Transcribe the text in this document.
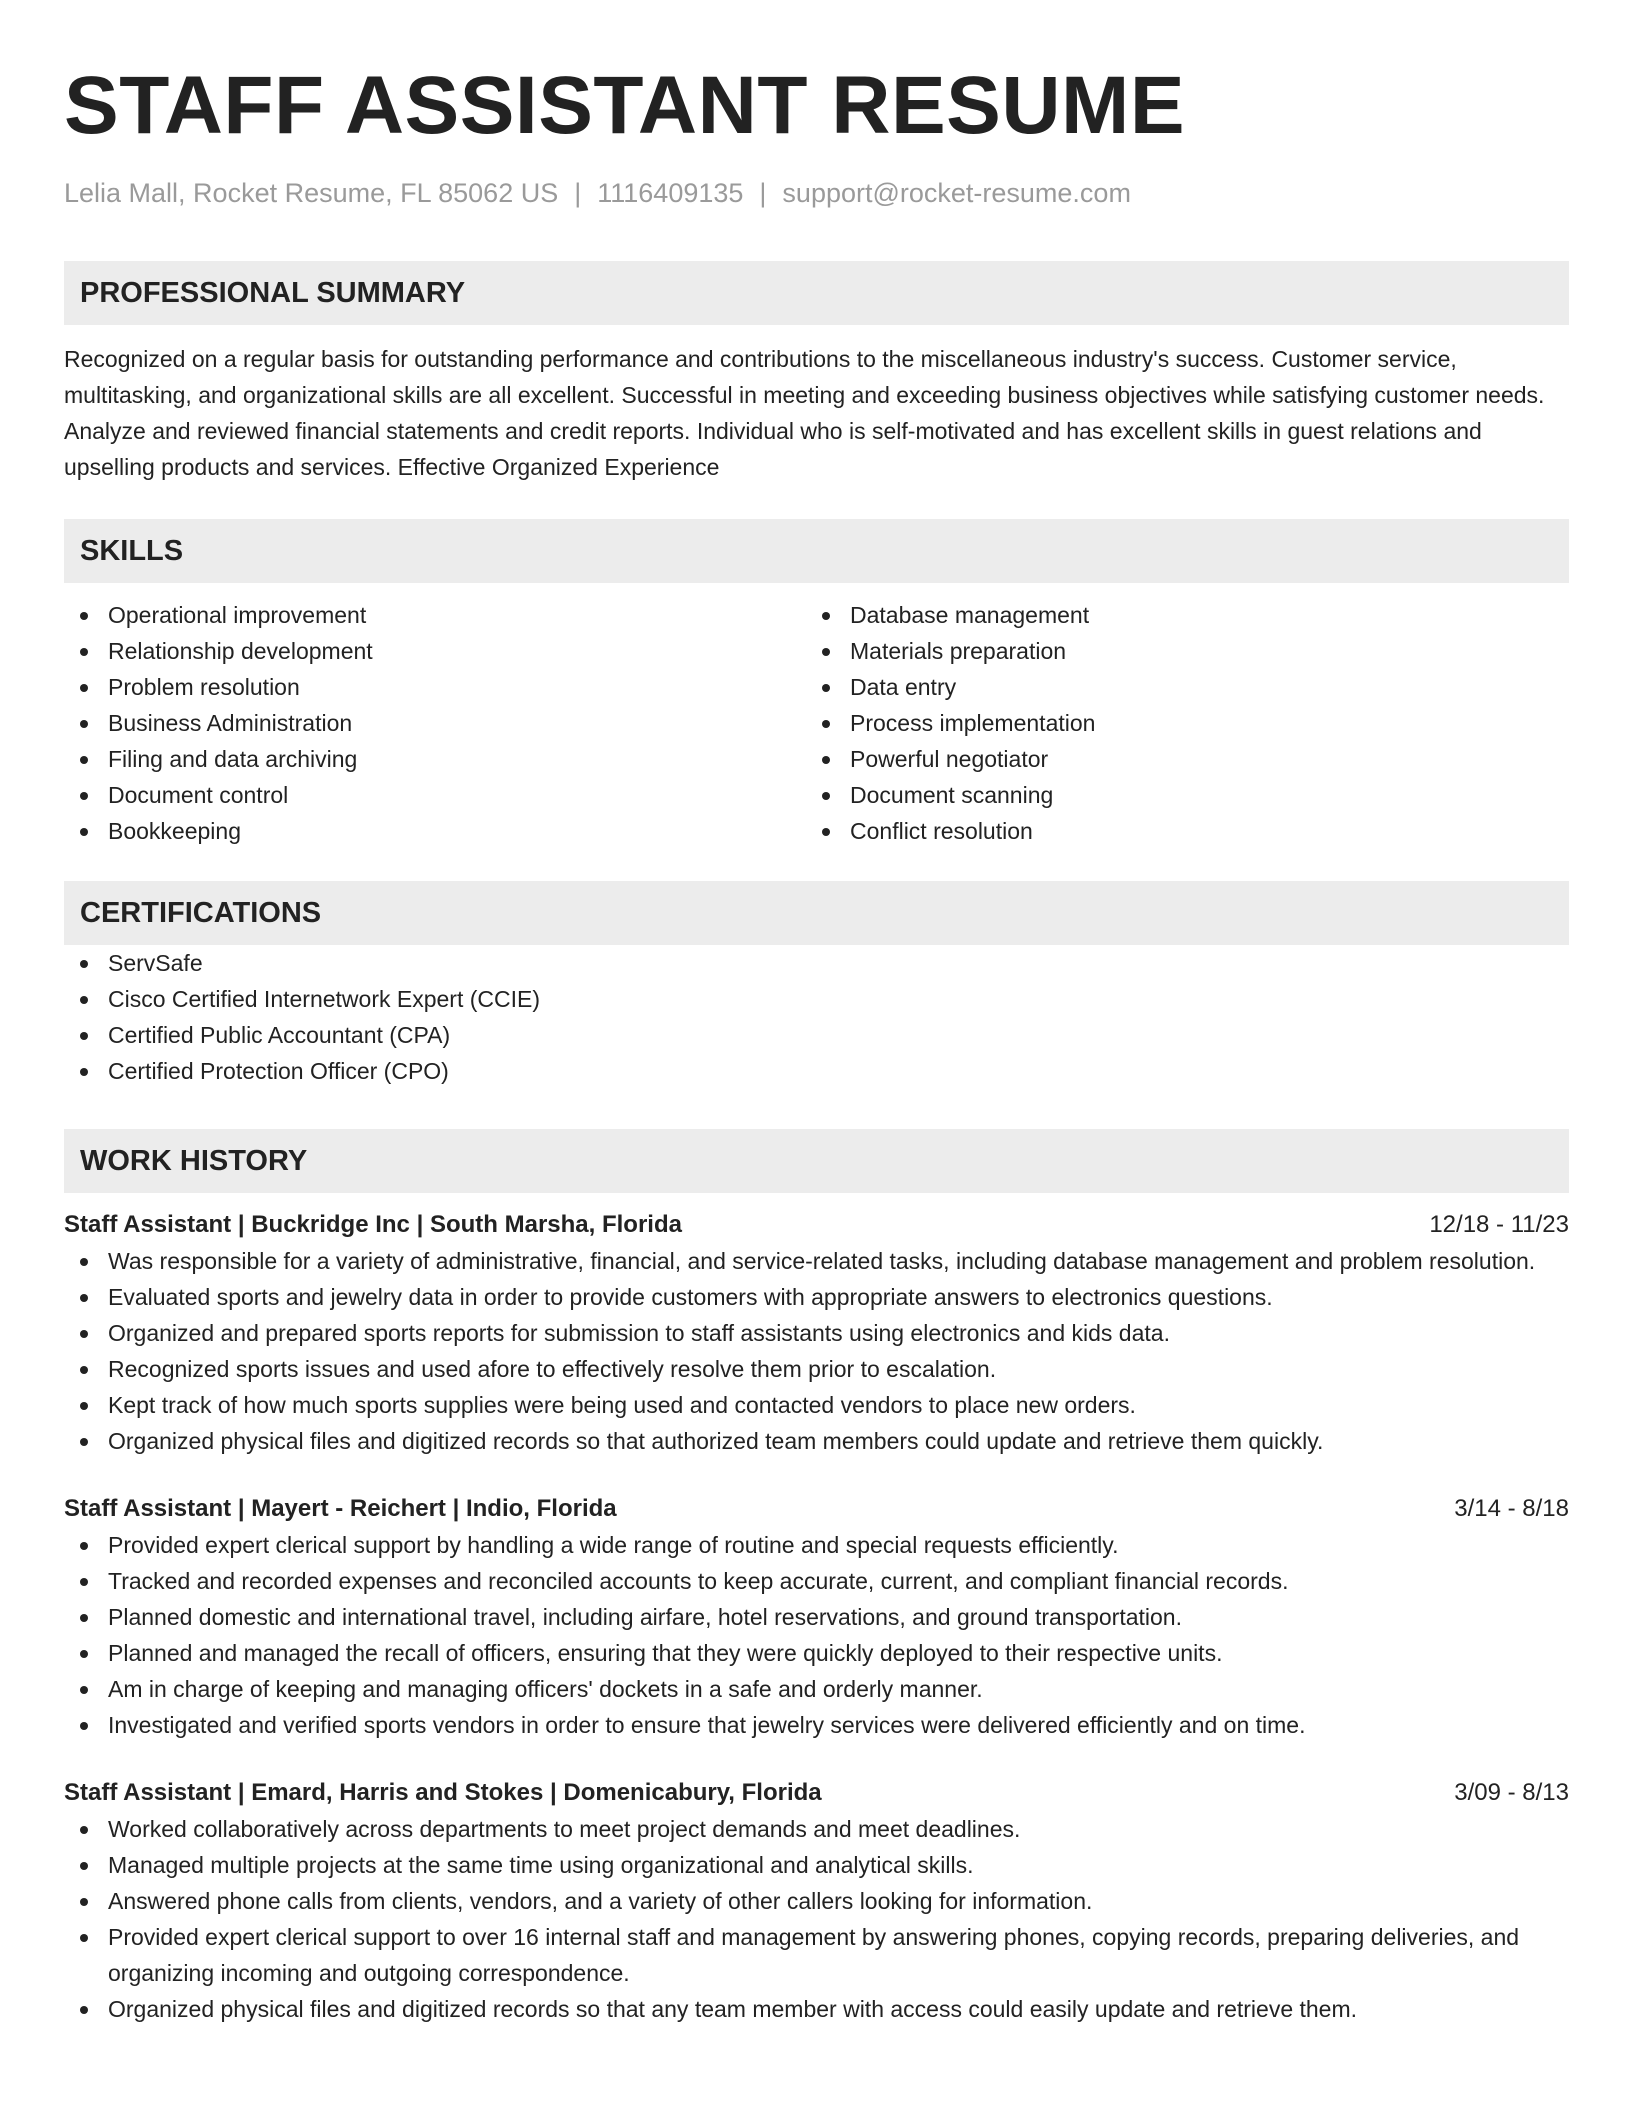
STAFF ASSISTANT RESUME
Lelia Mall, Rocket Resume, FL 85062 US | 1116409135 | support@rocket-resume.com
PROFESSIONAL SUMMARY

Recognized on a regular basis for outstanding performance and contributions to the miscellaneous industry's success. Customer service, multitasking, and organizational skills are all excellent. Successful in meeting and exceeding business objectives while satisfying customer needs. Analyze and reviewed financial statements and credit reports. Individual who is self-motivated and has excellent skills in guest relations and upselling products and services. Effective Organized Experience

SKILLS
Operational improvement
Relationship development
Problem resolution
Business Administration
Filing and data archiving
Document control
Bookkeeping
Database management
Materials preparation
Data entry
Process implementation
Powerful negotiator
Document scanning
Conflict resolution
CERTIFICATIONS
ServSafe
Cisco Certified Internetwork Expert (CCIE)
Certified Public Accountant (CPA)
Certified Protection Officer (CPO)
WORK HISTORY
Staff Assistant | Buckridge Inc | South Marsha, Florida	12/18 - 11/23
Was responsible for a variety of administrative, financial, and service-related tasks, including database management and problem resolution.
Evaluated sports and jewelry data in order to provide customers with appropriate answers to electronics questions.
Organized and prepared sports reports for submission to staff assistants using electronics and kids data.
Recognized sports issues and used afore to effectively resolve them prior to escalation.
Kept track of how much sports supplies were being used and contacted vendors to place new orders.
Organized physical files and digitized records so that authorized team members could update and retrieve them quickly.
Staff Assistant | Mayert - Reichert | Indio, Florida	3/14 - 8/18
Provided expert clerical support by handling a wide range of routine and special requests efficiently.
Tracked and recorded expenses and reconciled accounts to keep accurate, current, and compliant financial records.
Planned domestic and international travel, including airfare, hotel reservations, and ground transportation.
Planned and managed the recall of officers, ensuring that they were quickly deployed to their respective units.
Am in charge of keeping and managing officers' dockets in a safe and orderly manner.
Investigated and verified sports vendors in order to ensure that jewelry services were delivered efficiently and on time.
Staff Assistant | Emard, Harris and Stokes | Domenicabury, Florida	3/09 - 8/13
Worked collaboratively across departments to meet project demands and meet deadlines.
Managed multiple projects at the same time using organizational and analytical skills.
Answered phone calls from clients, vendors, and a variety of other callers looking for information.
Provided expert clerical support to over 16 internal staff and management by answering phones, copying records, preparing deliveries, and organizing incoming and outgoing correspondence.
Organized physical files and digitized records so that any team member with access could easily update and retrieve them.
